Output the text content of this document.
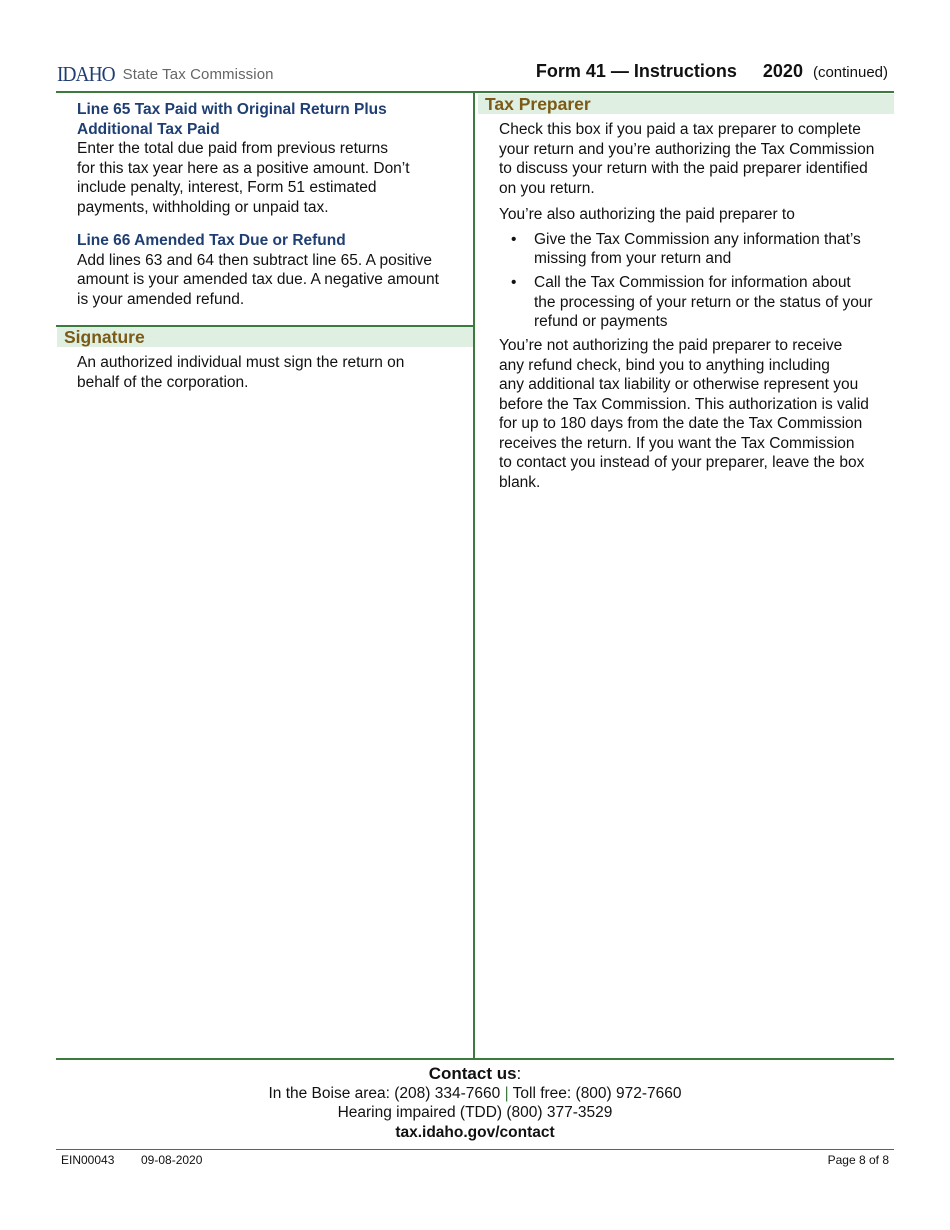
IDAHO State Tax Commission	Form 41 — Instructions 2020 (continued)

Line 65 Tax Paid with Original Return Plus
Additional Tax Paid

Enter the total due paid from previous returns
for this tax year here as a positive amount. Don’t
include penalty, interest, Form 51 estimated
payments, withholding or unpaid tax.

Line 66 Amended Tax Due or Refund

Add lines 63 and 64 then subtract line 65. A positive
amount is your amended tax due. A negative amount
is your amended refund.

Signature

An authorized individual must sign the return on
behalf of the corporation.

Tax Preparer

Check this box if you paid a tax preparer to complete
your return and you’re authorizing the Tax Commission
to discuss your return with the paid preparer identified
on you return.

You’re also authorizing the paid preparer to

• Give the Tax Commission any information that’s
missing from your return and
• Call the Tax Commission for information about
the processing of your return or the status of your
refund or payments

You’re not authorizing the paid preparer to receive
any refund check, bind you to anything including
any additional tax liability or otherwise represent you
before the Tax Commission. This authorization is valid
for up to 180 days from the date the Tax Commission
receives the return. If you want the Tax Commission
to contact you instead of your preparer, leave the box
blank.

Contact us:
In the Boise area: (208) 334-7660 | Toll free: (800) 972-7660
Hearing impaired (TDD) (800) 377-3529
tax.idaho.gov/contact
EIN00043 09-08-2020	Page 8 of 8
